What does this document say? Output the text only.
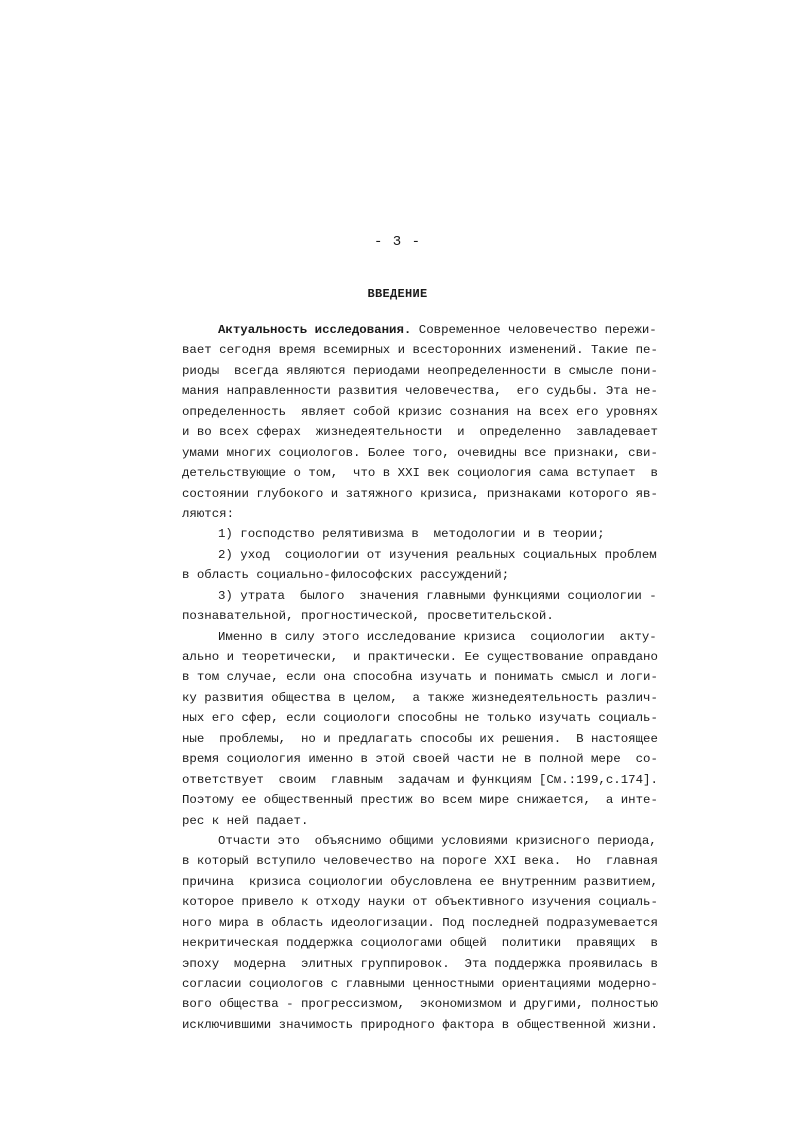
- 3 -
ВВЕДЕНИЕ
Актуальность исследования. Современное человечество пережи-
вает сегодня время всемирных и всесторонних изменений. Такие пе-
риоды  всегда являются периодами неопределенности в смысле пони-
мания направленности развития человечества,  его судьбы. Эта не-
определенность  являет собой кризис сознания на всех его уровнях
и во всех сферах  жизнедеятельности  и  определенно  завладевает
умами многих социологов. Более того, очевидны все признаки, сви-
детельствующие о том,  что в XXI век социология сама вступает  в
состоянии глубокого и затяжного кризиса, признаками которого яв-
ляются:
1) господство релятивизма в  методологии и в теории;
2) уход  социологии от изучения реальных социальных проблем
в область социально-философских рассуждений;
3) утрата  былого  значения главными функциями социологии -
познавательной, прогностической, просветительской.
Именно в силу этого исследование кризиса  социологии  акту-
ально и теоретически,  и практически. Ее существование оправдано
в том случае, если она способна изучать и понимать смысл и логи-
ку развития общества в целом,  а также жизнедеятельность различ-
ных его сфер, если социологи способны не только изучать социаль-
ные  проблемы,  но и предлагать способы их решения.  В настоящее
время социология именно в этой своей части не в полной мере  со-
ответствует  своим  главным  задачам и функциям [См.:199,с.174].
Поэтому ее общественный престиж во всем мире снижается,  а инте-
рес к ней падает.
Отчасти это  объяснимо общими условиями кризисного периода,
в который вступило человечество на пороге XXI века.  Но  главная
причина  кризиса социологии обусловлена ее внутренним развитием,
которое привело к отходу науки от объективного изучения социаль-
ного мира в область идеологизации. Под последней подразумевается
некритическая поддержка социологами общей  политики  правящих  в
эпоху  модерна  элитных группировок.  Эта поддержка проявилась в
согласии социологов с главными ценностными ориентациями модерно-
вого общества - прогрессизмом,  экономизмом и другими, полностью
исключившими значимость природного фактора в общественной жизни.
